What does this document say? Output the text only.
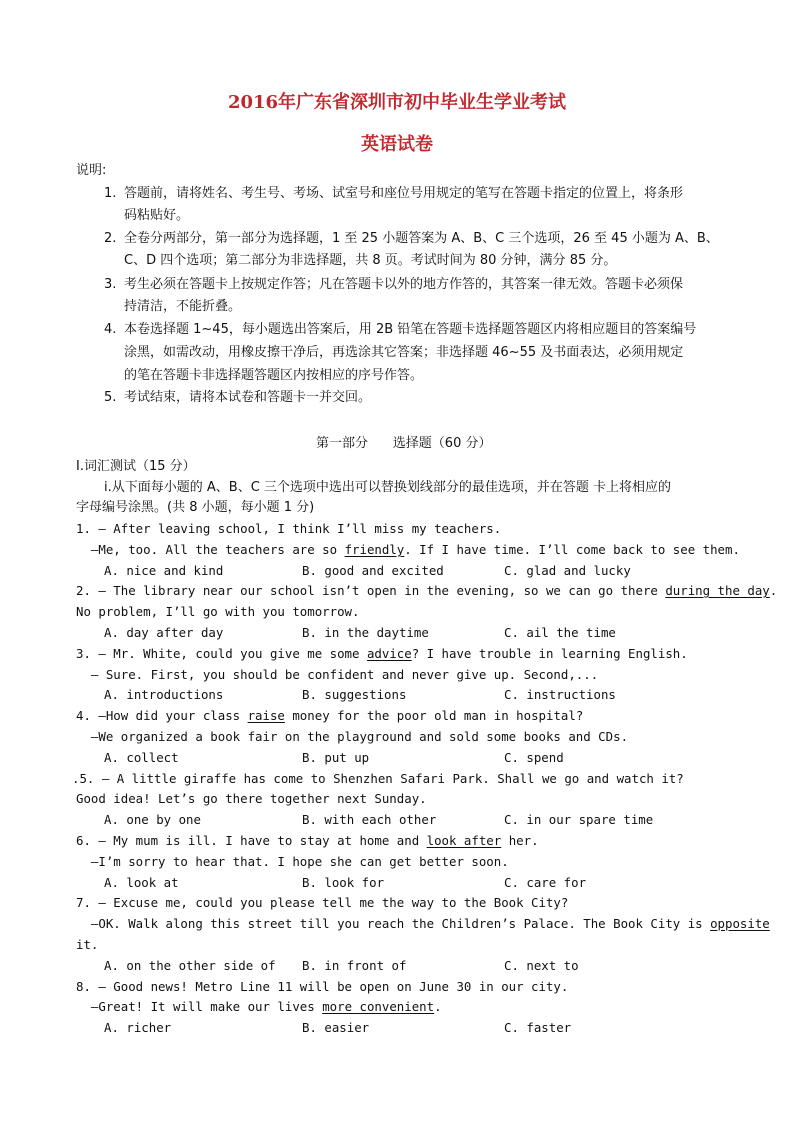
2016年广东省深圳市初中毕业生学业考试
英语试卷
说明:
1. 答题前，请将姓名、考生号、考场、试室号和座位号用规定的笔写在答题卡指定的位置上，将条形
码粘贴好。
2. 全卷分两部分，第一部分为选择题，1 至 25 小题答案为 A、B、C 三个选项，26 至 45 小题为 A、B、
C、D 四个选项；第二部分为非选择题，共 8 页。考试时间为 80 分钟，满分 85 分。
3. 考生必须在答题卡上按规定作答；凡在答题卡以外的地方作答的，其答案一律无效。答题卡必须保
持清洁，不能折叠。
4. 本卷选择题 1~45，每小题选出答案后，用 2B 铅笔在答题卡选择题答题区内将相应题目的答案编号
涂黑，如需改动，用橡皮擦干净后，再选涂其它答案；非选择题 46~55 及书面表达，必须用规定
的笔在答题卡非选择题答题区内按相应的序号作答。
5. 考试结束，请将本试卷和答题卡一并交回。
第一部分      选择题（60 分）
I.词汇测试（15 分）
i.从下面每小题的 A、B、C 三个选项中选出可以替换划线部分的最佳选项，并在答题 卡上将相应的
字母编号涂黑。(共 8 小题，每小题 1 分)
1. — After leaving school, I think I’ll miss my teachers.
—Me, too. All the teachers are so friendly. If I have time. I’ll come back to see them.
A. nice and kind	B. good and excited	C. glad and lucky
2. — The library near our school isn’t open in the evening, so we can go there during the day.
No problem, I’ll go with you tomorrow.
A. day after day	B. in the daytime	C. ail the time
3. — Mr. White, could you give me some advice? I have trouble in learning English.
— Sure. First, you should be confident and never give up. Second,...
A. introductions	B. suggestions	C. instructions
4. —How did your class raise money for the poor old man in hospital?
—We organized a book fair on the playground and sold some books and CDs.
A. collect	B. put up	C. spend
.5. — A little giraffe has come to Shenzhen Safari Park. Shall we go and watch it?
Good idea! Let’s go there together next Sunday.
A. one by one	B. with each other	C. in our spare time
6. — My mum is ill. I have to stay at home and look after her.
—I’m sorry to hear that. I hope she can get better soon.
A. look at	B. look for	C. care for
7. — Excuse me, could you please tell me the way to the Book City?
—OK. Walk along this street till you reach the Children’s Palace. The Book City is opposite
it.
A. on the other side of B. in front of	C. next to
8. — Good news! Metro Line 11 will be open on June 30 in our city.
—Great! It will make our lives more convenient.
A. richer	B. easier	C. faster
